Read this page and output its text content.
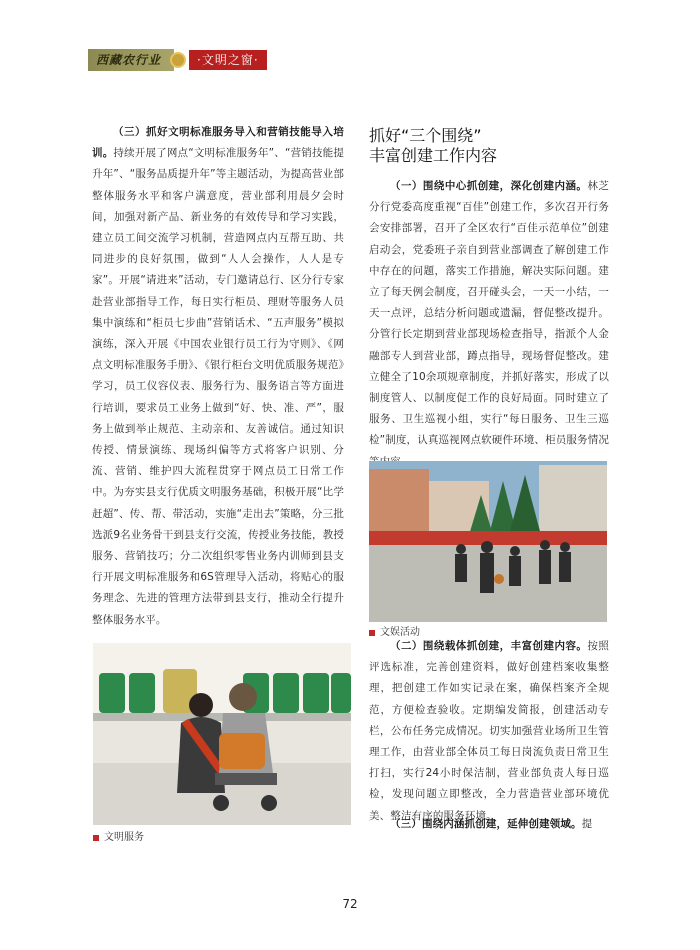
西藏农行业	·文明之窗·

（三）抓好文明标准服务导入和营销技能导入培训。持续开展了网点“文明标准服务年”、“营销技能提升年”、“服务品质提升年”等主题活动，为提高营业部整体服务水平和客户满意度，营业部利用晨夕会时间，加强对新产品、新业务的有效传导和学习实践，建立员工间交流学习机制，营造网点内互帮互助、共同进步的良好氛围，做到“人人会操作，人人是专家”。开展“请进来”活动，专门邀请总行、区分行专家赴营业部指导工作，每日实行柜员、理财等服务人员集中演练和“柜员七步曲”营销话术、“五声服务”模拟演练，深入开展《中国农业银行员工行为守则》、《网点文明标准服务手册》、《银行柜台文明优质服务规范》学习，员工仪容仪表、服务行为、服务语言等方面进行培训，要求员工业务上做到“好、快、准、严”，服务上做到举止规范、主动亲和、友善诚信。通过知识传授、情景演练、现场纠偏等方式将客户识别、分流、营销、维护四大流程贯穿于网点员工日常工作中。为夯实县支行优质文明服务基础，积极开展“比学赶超”、传、帮、带活动，实施“走出去”策略，分三批选派9名业务骨干到县支行交流，传授业务技能，教授服务、营销技巧；分二次组织零售业务内训师到县支行开展文明标准服务和6S管理导入活动，将贴心的服务理念、先进的管理方法带到县支行，推动全行提升整体服务水平。

文明服务
抓好“三个围绕”
丰富创建工作内容

（一）围绕中心抓创建，深化创建内涵。林芝分行党委高度重视“百佳”创建工作，多次召开行务会安排部署，召开了全区农行“百佳示范单位”创建启动会，党委班子亲自到营业部调查了解创建工作中存在的问题，落实工作措施，解决实际问题。建立了每天例会制度，召开碰头会，一天一小结，一天一点评，总结分析问题或遗漏，督促整改提升。分管行长定期到营业部现场检查指导，指派个人金融部专人到营业部，蹲点指导，现场督促整改。建立健全了10余项规章制度，并抓好落实，形成了以制度管人、以制度促工作的良好局面。同时建立了服务、卫生巡视小组，实行“每日服务、卫生三巡检”制度，认真巡视网点软硬件环境、柜员服务情况

文娱活动

（二）围绕载体抓创建，丰富创建内容。按照评选标准，完善创建资料，做好创建档案收集整理，把创建工作如实记录在案，确保档案齐全规范，方便检查验收。定期编发简报，创建活动专栏，公布任务完成情况。切实加强营业场所卫生管理工作，由营业部全体员工每日岗流负责日常卫生打扫，实行24小时保洁制，营业部负责人每日巡检，发现问题立即整改，全力营造营业部环境优美、整洁有序的服务环境。

（三）围绕内涵抓创建，延伸创建领域。提

72
